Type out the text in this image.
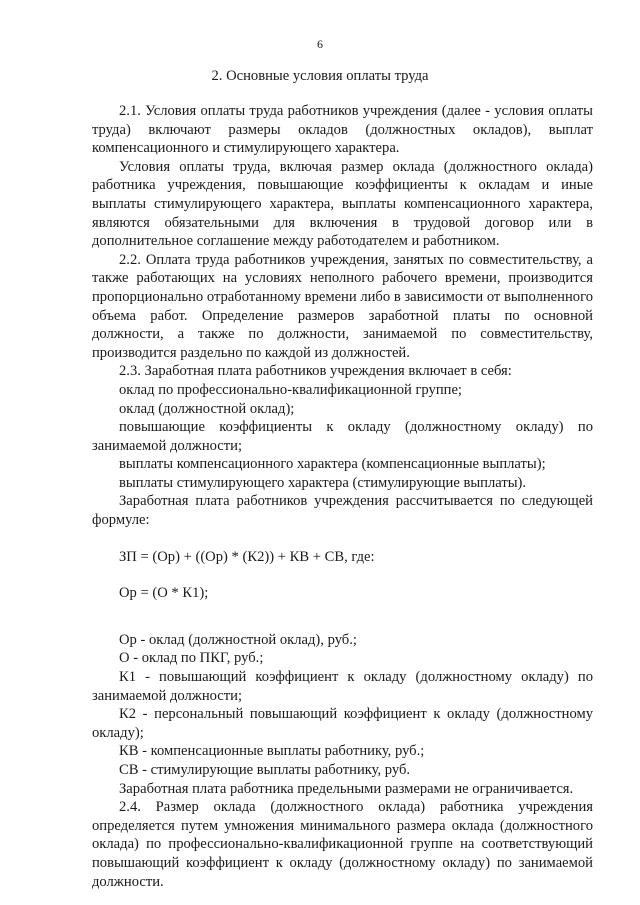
6
2. Основные условия оплаты труда

2.1. Условия оплаты труда работников учреждения (далее - условия оплаты труда) включают размеры окладов (должностных окладов), выплат компенсационного и стимулирующего характера.

Условия оплаты труда, включая размер оклада (должностного оклада) работника учреждения, повышающие коэффициенты к окладам и иные выплаты стимулирующего характера, выплаты компенсационного характера, являются обязательными для включения в трудовой договор или в дополнительное соглашение между работодателем и работником.

2.2. Оплата труда работников учреждения, занятых по совместительству, а также работающих на условиях неполного рабочего времени, производится пропорционально отработанному времени либо в зависимости от выполненного объема работ. Определение размеров заработной платы по основной должности, а также по должности, занимаемой по совместительству, производится раздельно по каждой из должностей.

2.3. Заработная плата работников учреждения включает в себя:

оклад по профессионально-квалификационной группе;

оклад (должностной оклад);

повышающие коэффициенты к окладу (должностному окладу) по занимаемой должности;

выплаты компенсационного характера (компенсационные выплаты);

выплаты стимулирующего характера (стимулирующие выплаты).

Заработная плата работников учреждения рассчитывается по следующей формуле:

ЗП = (Ор) + ((Ор) * (К2)) + КВ + СВ, где:

Ор = (О * К1);

Ор - оклад (должностной оклад), руб.;

О - оклад по ПКГ, руб.;

К1 - повышающий коэффициент к окладу (должностному окладу) по занимаемой должности;

К2 - персональный повышающий коэффициент к окладу (должностному окладу);

КВ - компенсационные выплаты работнику, руб.;

СВ - стимулирующие выплаты работнику, руб.

Заработная плата работника предельными размерами не ограничивается.

2.4. Размер оклада (должностного оклада) работника учреждения определяется путем умножения минимального размера оклада (должностного оклада) по профессионально-квалификационной группе на соответствующий повышающий коэффициент к окладу (должностному окладу) по занимаемой должности.
